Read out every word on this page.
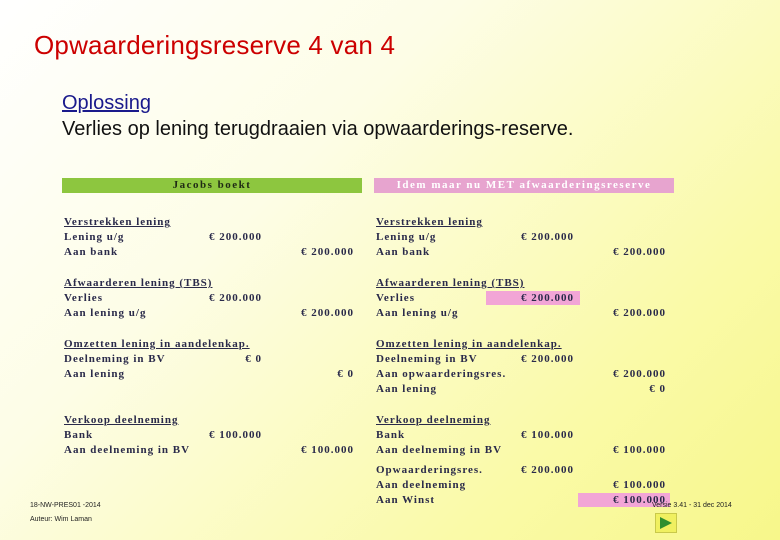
Opwaarderingsreserve 4 van 4
Oplossing
Verlies op lening terugdraaien via opwaarderings-reserve.
Jacobs boekt
Verstrekken lening
Lening u/g	€ 200.000
Aan bank	€ 200.000
Afwaarderen lening (TBS)
Verlies	€ 200.000
Aan lening u/g	€ 200.000
Omzetten lening in aandelenkap.
Deelneming in BV	€ 0
Aan lening	€ 0
Verkoop deelneming
Bank	€ 100.000
Aan deelneming in BV	€ 100.000
Idem maar nu MET afwaarderingsreserve
Verstrekken lening
Lening u/g	€ 200.000
Aan bank	€ 200.000
Afwaarderen lening (TBS)
Verlies	€ 200.000
Aan lening u/g	€ 200.000
Omzetten lening in aandelenkap.
Deelneming in BV	€ 200.000
Aan opwaarderingsres.	€ 200.000
Aan lening	€ 0
Verkoop deelneming
Bank	€ 100.000
Aan deelneming in BV	€ 100.000
Opwaarderingsres.	€ 200.000
Aan deelneming	€ 100.000
Aan Winst	€ 100.000
18-NW-PRES01 -2014
Auteur: Wim Laman
Versie 3.41 - 31 dec 2014
